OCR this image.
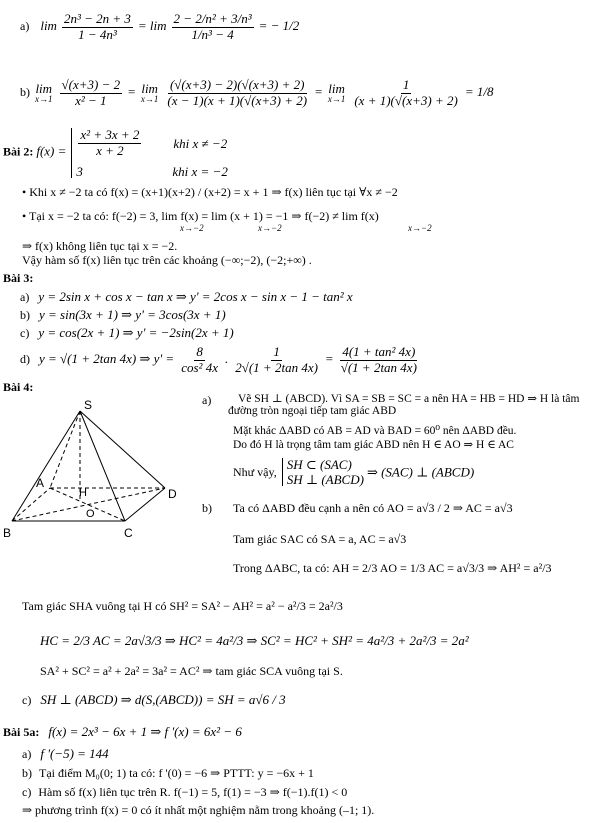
a) $\lim \frac{\text{2n³ − 2n + 3}}{\text{1 − 4n³}} = \lim \frac{\text{2 − 2/n² + 3/n³}}{\text{1/n³ − 4}}$ = − 1/2
b) lim
x→1
$\frac{√(x+3) - 2}{\text{x² − 1}} = \lim$
x→1
$\frac{(√(x+3) - 2)(√(x+3) + 2)}{(x - 1)(x + 1)(√(x+3) + 2)} = \lim$
x→1
$\frac{1}{(x + 1)(√(x+3) + 2)} = 1/8$
Bài 2: $f(x) = \frac{\text{x² + 3x + 2}}{x + 2}$ khi x ≠ −2
3	khi x = −2
• Khi x ≠ −2 ta có f(x) = (x+1)(x+2) / (x+2) = x + 1 ⇒ f(x) liên tục tại ∀x ≠ −2
• Tại x = −2 ta có: f(−2) = 3, lim f(x) = lim (x + 1) = −1 ⇒ f(−2) ≠ lim f(x)
x→−2	x→−2	x→−2
⇒ f(x) không liên tục tại x = −2.
Vậy hàm số f(x) liên tục trên các khoảng (−∞;−2), (−2;+∞) .
Bài 3:
a) y = 2sin x + cos x − tan x ⇒ y' = 2cos x − sin x − 1 − tan² x
b) y = sin(3x + 1) ⇒ y' = 3cos(3x + 1)
c) y = cos(2x + 1) ⇒ y' = −2sin(2x + 1)
d) y = √(1 + 2tan 4x) ⇒ $y' = \frac{8}{\text{cos² 4x}}$ . $\frac{1}{2√(1 + 2\tan 4x)} = \frac{\text{4(1 + tan² 4x)}}{√(1 + 2\tan 4x)}$
Bài 4:
S
A
H
O
D
B	C
a) Vẽ SH ⊥ (ABCD). Vì SA = SB = SC = a nên HA = HB = HD ⇒ H là tâm
đường tròn ngoại tiếp tam giác ABD
Mặt khác ΔABD có AB = AD và BAD = 60⁰ nên ΔABD đều.
Do đó H là trọng tâm tam giác ABD nên H ∈ AO ⇒ H ∈ AC
Như vậy, SH ⊂ (SAC)
SH ⊥ (ABCD) ⇒ (SAC) ⊥ (ABCD)
b) Ta có ΔABD đều cạnh a nên có AO = a√3 / 2 ⇒ AC = a√3
Tam giác SAC có SA = a, AC = a√3
Trong ΔABC, ta có: AH = 2/3 AO = 1/3 AC = a√3/3 ⇒ AH² = a²/3
Tam giác SHA vuông tại H có SH² = SA² − AH² = a² − a²/3 = 2a²/3
HC = 2/3 AC = 2a√3/3 ⇒ HC² = 4a²/3 ⇒ SC² = HC² + SH² = 4a²/3 + 2a²/3 = 2a²
SA² + SC² = a² + 2a² = 3a² = AC² ⇒ tam giác SCA vuông tại S.
c) SH ⊥ (ABCD) ⇒ d(S,(ABCD)) = SH = a√6 / 3
Bài 5a: f(x) = 2x³ − 6x + 1 ⇒ f '(x) = 6x² − 6
a) f '(−5) = 144
b) Tại điểm M₀(0; 1) ta có: f '(0) = −6 ⇒ PTTT: y = −6x + 1
c) Hàm số f(x) liên tục trên R. f(−1) = 5, f(1) = −3 ⇒ f(−1).f(1) < 0
⇒ phương trình f(x) = 0 có ít nhất một nghiệm nằm trong khoảng (–1; 1).
